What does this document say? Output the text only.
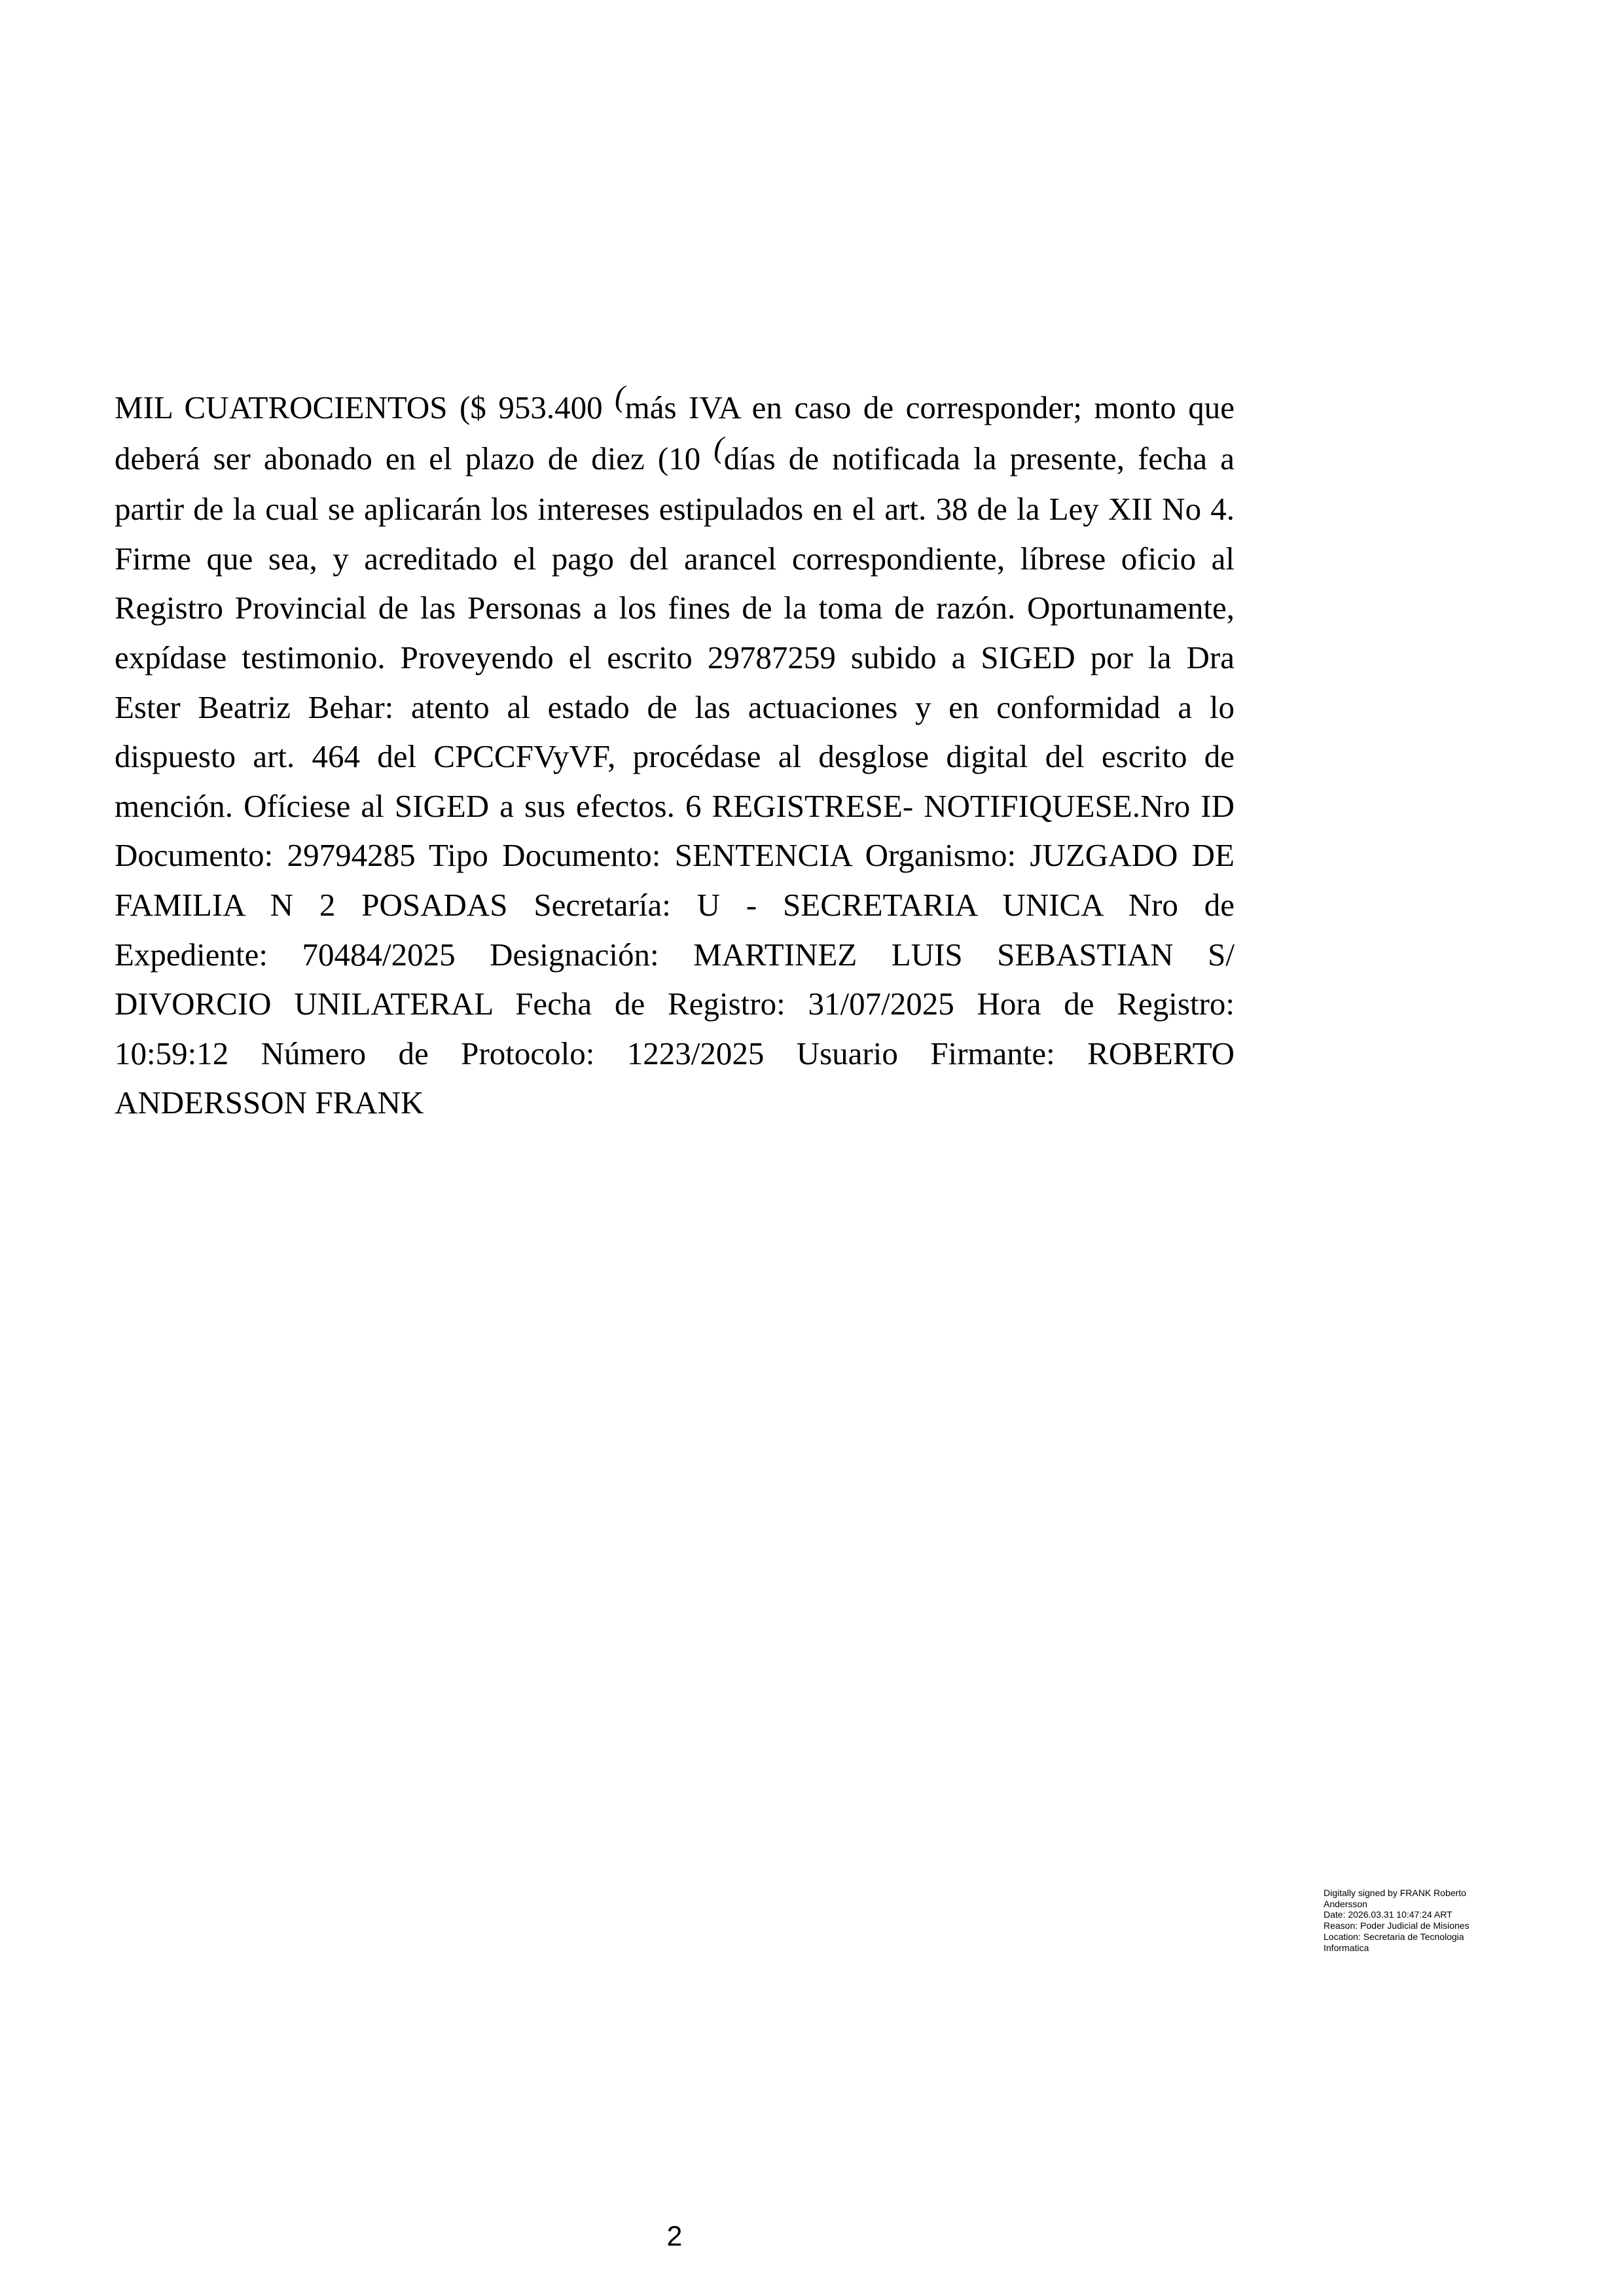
MIL CUATROCIENTOS ($ 953.400 (más IVA en caso de corresponder; monto que
deberá ser abonado en el plazo de diez (10 (días de notificada la presente, fecha a
partir de la cual se aplicarán los intereses estipulados en el art. 38 de la Ley XII No 4.
Firme que sea, y acreditado el pago del arancel correspondiente, líbrese oficio al
Registro Provincial de las Personas a los fines de la toma de razón. Oportunamente,
expídase testimonio. Proveyendo el escrito 29787259 subido a SIGED por la Dra
Ester Beatriz Behar: atento al estado de las actuaciones y en conformidad a lo
dispuesto art. 464 del CPCCFVyVF, procédase al desglose digital del escrito de
mención. Ofíciese al SIGED a sus efectos. 6 REGISTRESE- NOTIFIQUESE.Nro ID
Documento: 29794285 Tipo Documento: SENTENCIA Organismo: JUZGADO DE
FAMILIA N 2 POSADAS Secretaría: U - SECRETARIA UNICA Nro de
Expediente: 70484/2025 Designación: MARTINEZ LUIS SEBASTIAN S/
DIVORCIO UNILATERAL Fecha de Registro: 31/07/2025 Hora de Registro:
10:59:12 Número de Protocolo: 1223/2025 Usuario Firmante: ROBERTO
ANDERSSON FRANK
Digitally signed by FRANK Roberto
Andersson
Date: 2026.03.31 10:47:24 ART
Reason: Poder Judicial de Misiones
Location: Secretaria de Tecnologia
Informatica
2
